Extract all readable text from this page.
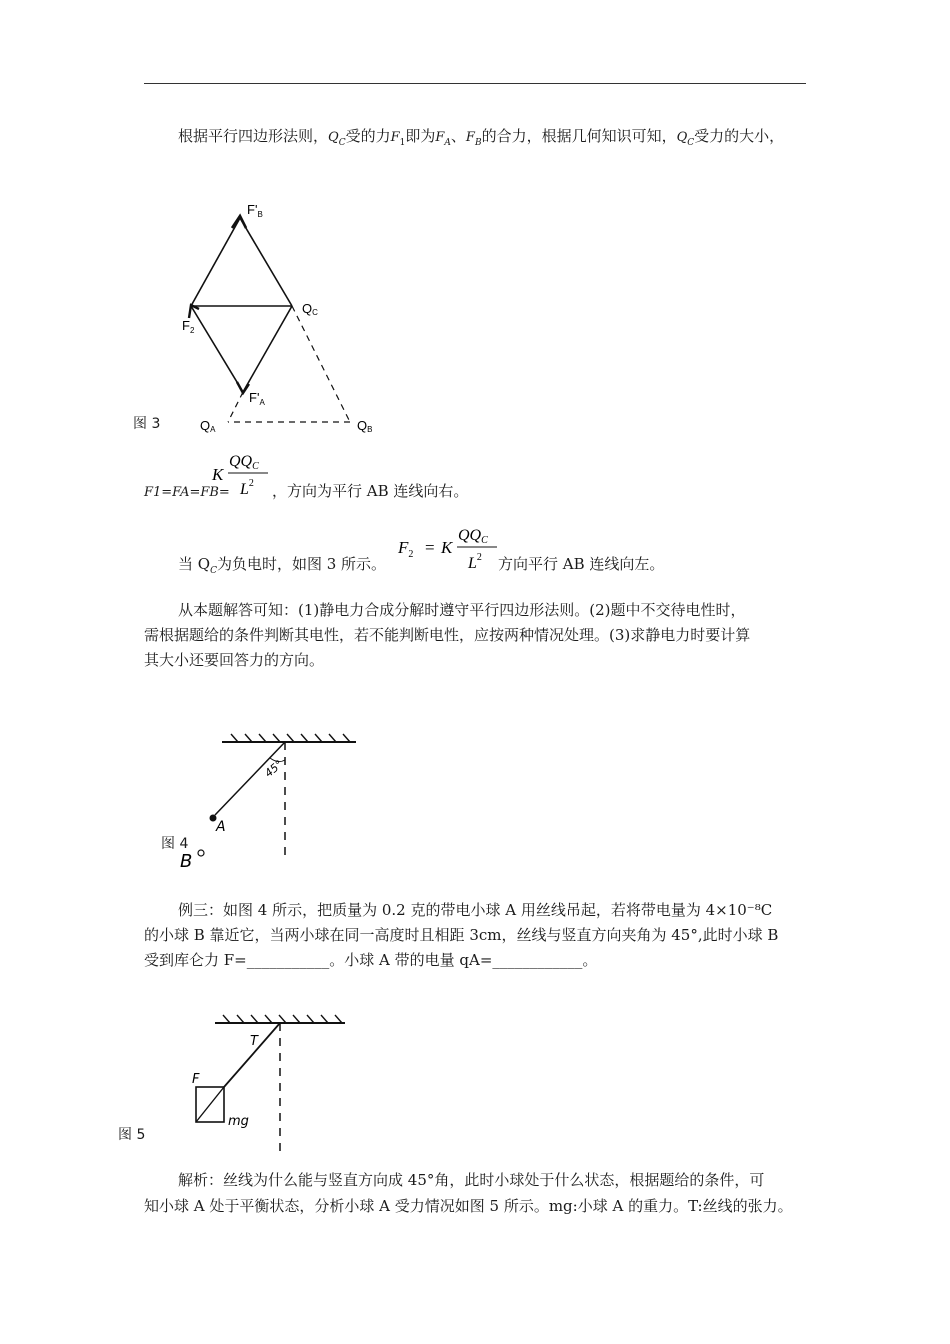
根据平行四边形法则，$Q_C$受的力$F_1$即为$F_A$、$F_B$的合力，根据几何知识可知，$Q_C$受力的大小，
图 3
$F'_B$
$F_2$
QC
$F'_A$
QA	QB
F1=FA=FB=
K
QQC
$L^2$ ，方向为平行 AB 连线向右。
当 $Q_C$为负电时，如图 3 所示。
$F_2 = K$
QQC
$L^2$ 方向平行 AB 连线向左。
从本题解答可知：(1)静电力合成分解时遵守平行四边形法则。(2)题中不交待电性时，
需根据题给的条件判断其电性，若不能判断电性，应按两种情况处理。(3)求静电力时要计算
其大小还要回答力的方向。
图 4
45°
A
B
例三：如图 4 所示，把质量为 0.2 克的带电小球 A 用丝线吊起，若将带电量为 4×10⁻⁸C
的小球 B 靠近它，当两小球在同一高度时且相距 3cm，丝线与竖直方向夹角为 45°,此时小球 B
受到库仑力 F=___________。小球 A 带的电量 qA=____________。
图 5
T
F
mg
解析：丝线为什么能与竖直方向成 45°角，此时小球处于什么状态，根据题给的条件，可
知小球 A 处于平衡状态，分析小球 A 受力情况如图 5 所示。mg:小球 A 的重力。T:丝线的张力。
